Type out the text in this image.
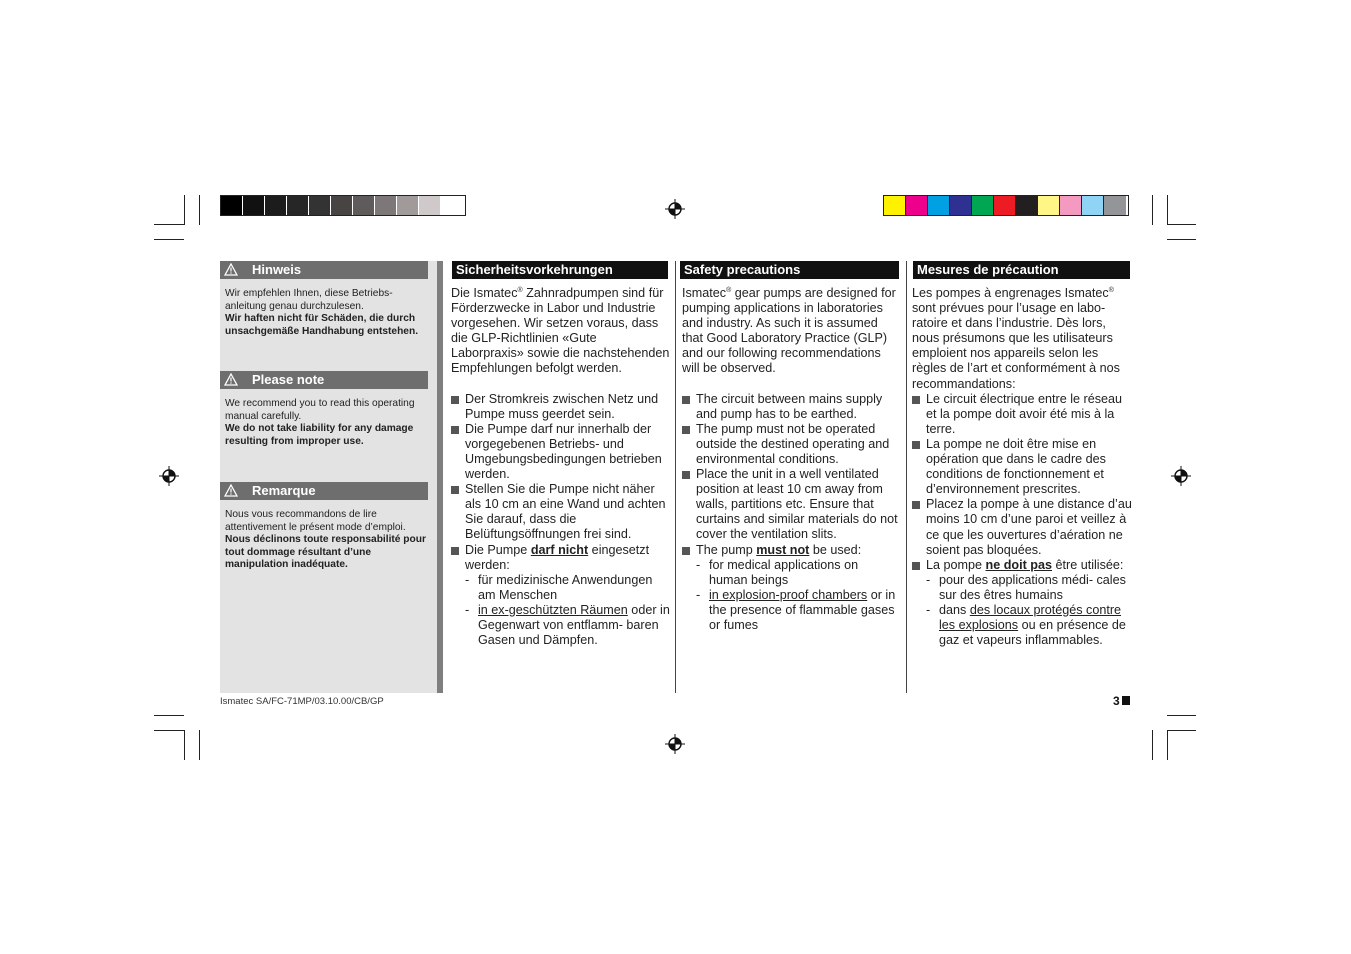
Hinweis
Wir empfehlen Ihnen, diese Betriebs- anleitung genau durchzulesen.
Wir haften nicht für Schäden, die durch unsachgemäße Handhabung entstehen.
Please note
We recommend you to read this operating manual carefully.
We do not take liability for any damage resulting from improper use.
Remarque
Nous vous recommandons de lire attentivement le présent mode d’emploi.
Nous déclinons toute responsabilité pour tout dommage résultant d’une manipulation inadéquate.
Sicherheitsvorkehrungen

Die Ismatec® Zahnradpumpen sind für Förderzwecke in Labor und Industrie vorgesehen. Wir setzen voraus, dass die GLP-Richtlinien «Gute Laborpraxis» sowie die nachstehenden Empfehlungen befolgt werden.

Der Stromkreis zwischen Netz und Pumpe muss geerdet sein.
Die Pumpe darf nur innerhalb der vorgegebenen Betriebs- und Umgebungsbedingungen betrieben werden.
Stellen Sie die Pumpe nicht näher als 10 cm an eine Wand und achten Sie darauf, dass die Belüftungsöffnungen frei sind.
Die Pumpe darf nicht eingesetzt werden:
- für medizinische Anwendungen am Menschen
- in ex-geschützten Räumen oder in Gegenwart von entflamm- baren Gasen und Dämpfen.
Safety precautions

Ismatec® gear pumps are designed for pumping applications in laboratories and industry. As such it is assumed that Good Laboratory Practice (GLP) and our following recommendations will be observed.

The circuit between mains supply and pump has to be earthed.
The pump must not be operated outside the destined operating and environmental conditions.
Place the unit in a well ventilated position at least 10 cm away from walls, partitions etc. Ensure that curtains and similar materials do not cover the ventilation slits.
The pump must not be used:
- for medical applications on human beings
- in explosion-proof chambers or in the presence of flammable gases or fumes
Mesures de précaution

Les pompes à engrenages Ismatec® sont prévues pour l’usage en labo- ratoire et dans l’industrie. Dès lors, nous présumons que les utilisateurs emploient nos appareils selon les règles de l’art et conformément à nos recommandations:

Le circuit électrique entre le réseau et la pompe doit avoir été mis à la terre.
La pompe ne doit être mise en opération que dans le cadre des conditions de fonctionnement et d’environnement prescrites.
Placez la pompe à une distance d’au moins 10 cm d’une paroi et veillez à ce que les ouvertures d’aération ne soient pas bloquées.
La pompe ne doit pas être utilisée:
- pour des applications médi- cales sur des êtres humains
- dans des locaux protégés contre les explosions ou en présence de gaz et vapeurs inflammables.
Ismatec SA/FC-71MP/03.10.00/CB/GP	3
